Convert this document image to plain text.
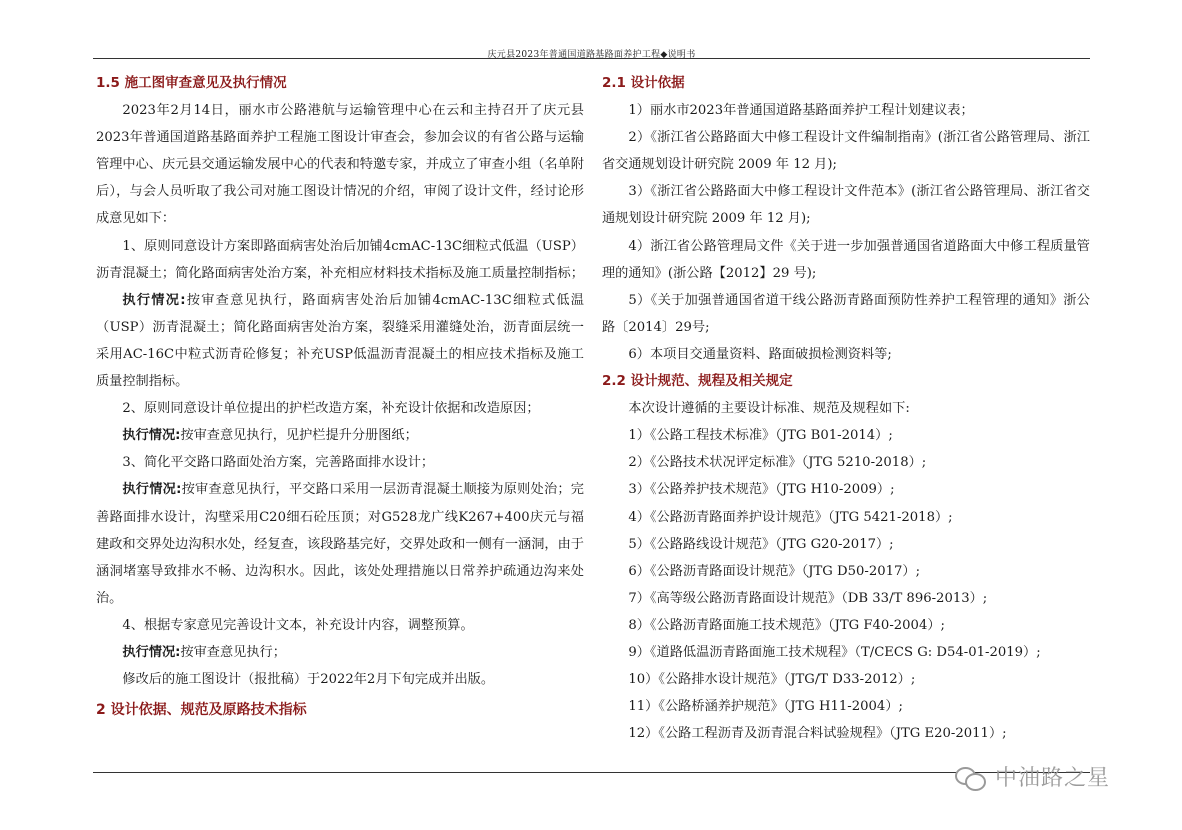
庆元县2023年普通国道路基路面养护工程◆说明书

1.5 施工图审查意见及执行情况

2023年2月14日，丽水市公路港航与运输管理中心在云和主持召开了庆元县2023年普通国道路基路面养护工程施工图设计审查会，参加会议的有省公路与运输管理中心、庆元县交通运输发展中心的代表和特邀专家，并成立了审查小组（名单附后），与会人员听取了我公司对施工图设计情况的介绍，审阅了设计文件，经讨论形成意见如下：

1、原则同意设计方案即路面病害处治后加铺4cmAC-13C细粒式低温（USP）沥青混凝土；简化路面病害处治方案，补充相应材料技术指标及施工质量控制指标；

执行情况:按审查意见执行，路面病害处治后加铺4cmAC-13C细粒式低温（USP）沥青混凝土；简化路面病害处治方案，裂缝采用灌缝处治，沥青面层统一采用AC-16C中粒式沥青砼修复；补充USP低温沥青混凝土的相应技术指标及施工质量控制指标。

2、原则同意设计单位提出的护栏改造方案，补充设计依据和改造原因；

执行情况:按审查意见执行，见护栏提升分册图纸；

3、简化平交路口路面处治方案，完善路面排水设计；

执行情况:按审查意见执行，平交路口采用一层沥青混凝土顺接为原则处治；完善路面排水设计，沟壁采用C20细石砼压顶；对G528龙广线K267+400庆元与福建政和交界处边沟积水处，经复查，该段路基完好，交界处政和一侧有一涵洞，由于涵洞堵塞导致排水不畅、边沟积水。因此，该处处理措施以日常养护疏通边沟来处治。

4、根据专家意见完善设计文本，补充设计内容，调整预算。

执行情况:按审查意见执行；

修改后的施工图设计（报批稿）于2022年2月下旬完成并出版。

2 设计依据、规范及原路技术指标

2.1 设计依据

1）丽水市2023年普通国道路基路面养护工程计划建议表；

2）《浙江省公路路面大中修工程设计文件编制指南》(浙江省公路管理局、浙江省交通规划设计研究院 2009 年 12 月);

3）《浙江省公路路面大中修工程设计文件范本》(浙江省公路管理局、浙江省交通规划设计研究院 2009 年 12 月);

4）浙江省公路管理局文件《关于进一步加强普通国省道路面大中修工程质量管理的通知》(浙公路【2012】29 号);

5）《关于加强普通国省道干线公路沥青路面预防性养护工程管理的通知》浙公路〔2014〕29号;

6）本项目交通量资料、路面破损检测资料等;

2.2 设计规范、规程及相关规定

本次设计遵循的主要设计标准、规范及规程如下:

1）《公路工程技术标准》（JTG B01-2014）;

2）《公路技术状况评定标准》（JTG 5210-2018）;

3）《公路养护技术规范》（JTG H10-2009）;

4）《公路沥青路面养护设计规范》（JTG 5421-2018）;

5）《公路路线设计规范》（JTG G20-2017）;

6）《公路沥青路面设计规范》（JTG D50-2017）;

7）《高等级公路沥青路面设计规范》（DB 33/T 896-2013）;

8）《公路沥青路面施工技术规范》（JTG F40-2004）;

9）《道路低温沥青路面施工技术规程》（T/CECS G: D54-01-2019）;

10）《公路排水设计规范》（JTG/T D33-2012）;

11）《公路桥涵养护规范》（JTG H11-2004）;

12）《公路工程沥青及沥青混合料试验规程》（JTG E20-2011）;

中油路之星
